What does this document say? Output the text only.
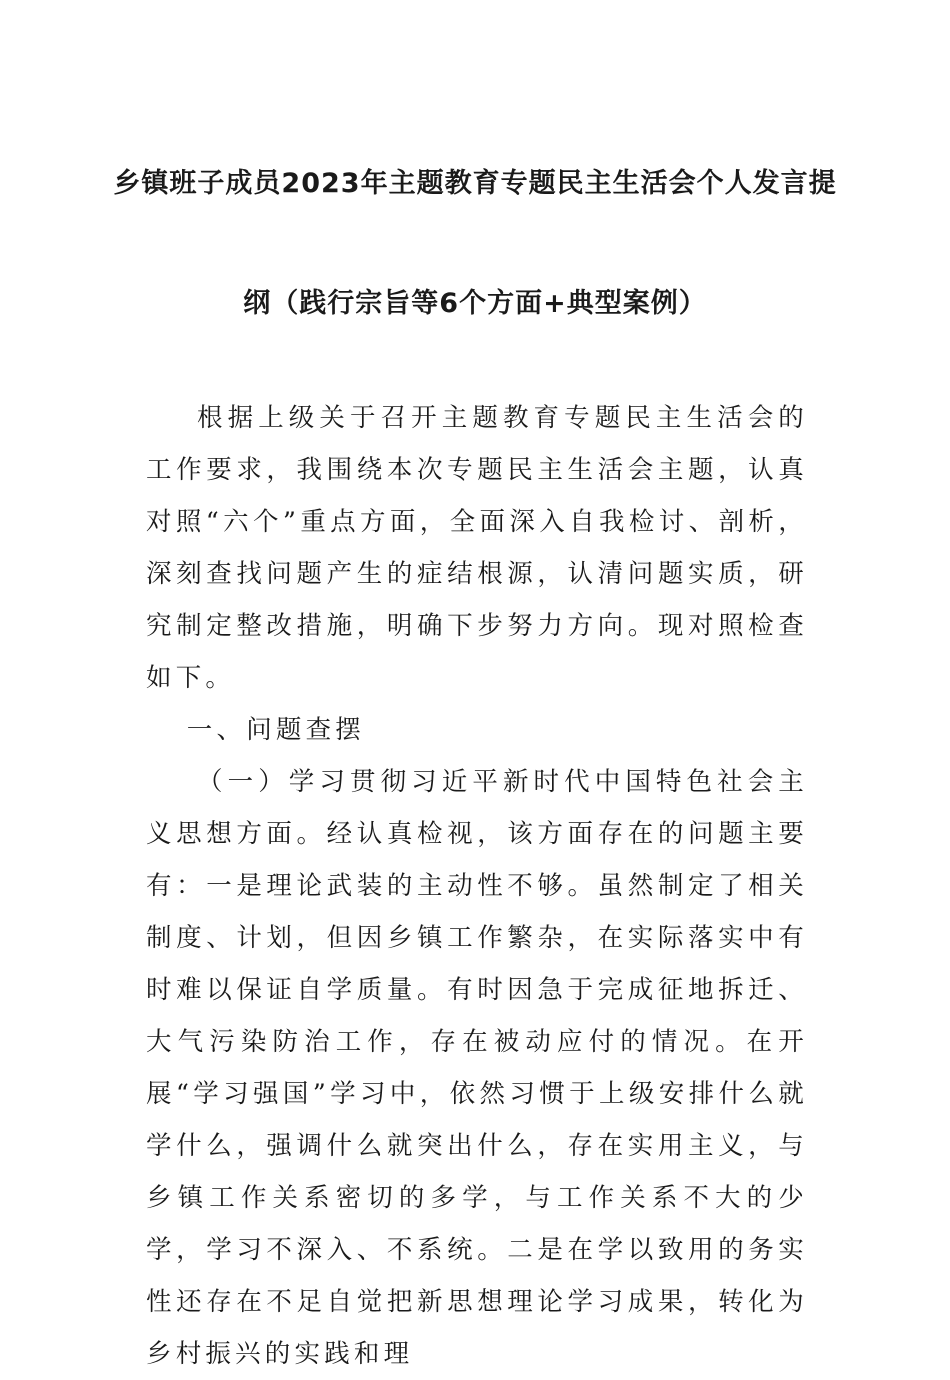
乡镇班子成员2023年主题教育专题民主生活会个人发言提
纲（践行宗旨等6个方面+典型案例）

根据上级关于召开主题教育专题民主生活会的工作要求，我围绕本次专题民主生活会主题，认真对照“六个”重点方面，全面深入自我检讨、剖析，深刻查找问题产生的症结根源，认清问题实质，研究制定整改措施，明确下步努力方向。现对照检查如下。

一、问题查摆

（一）学习贯彻习近平新时代中国特色社会主义思想方面。经认真检视，该方面存在的问题主要有：一是理论武装的主动性不够。虽然制定了相关制度、计划，但因乡镇工作繁杂，在实际落实中有时难以保证自学质量。有时因急于完成征地拆迁、大气污染防治工作，存在被动应付的情况。在开展“学习强国”学习中，依然习惯于上级安排什么就学什么，强调什么就突出什么，存在实用主义，与乡镇工作关系密切的多学，与工作关系不大的少学，学习不深入、不系统。二是在学以致用的务实性还存在不足自觉把新思想理论学习成果，转化为乡村振兴的实践和理
